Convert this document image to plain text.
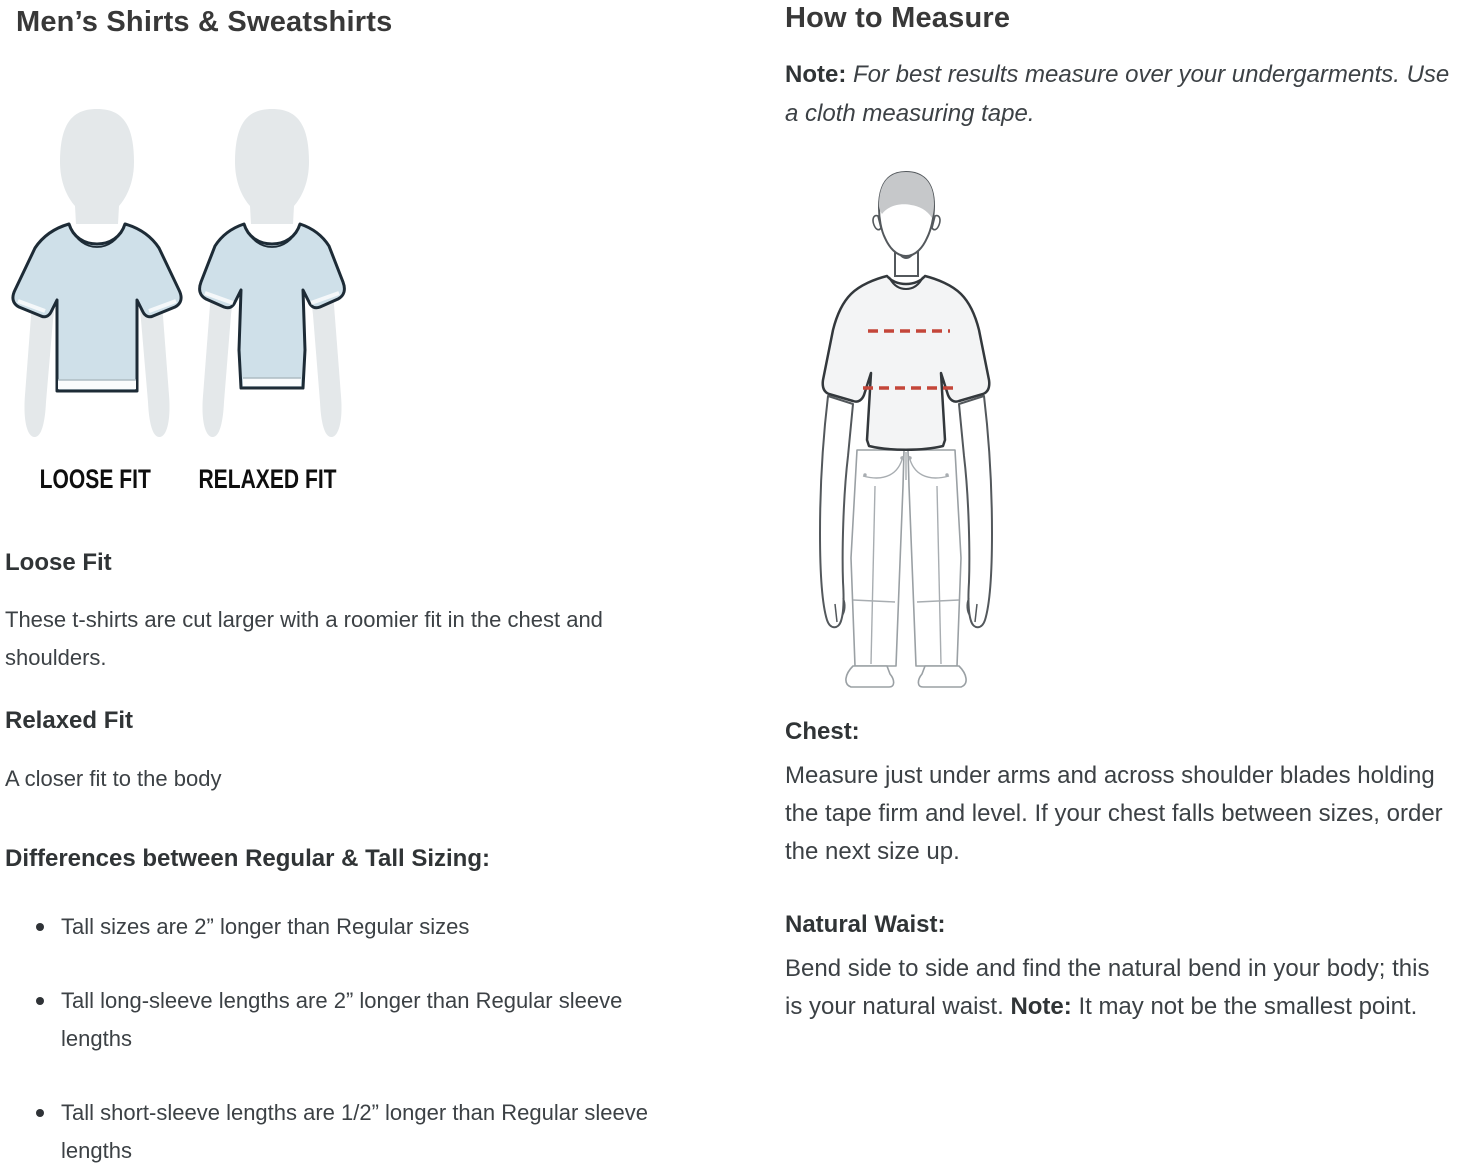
Men’s Shirts & Sweatshirts
LOOSE FIT	RELAXED FIT
Loose Fit
These t-shirts are cut larger with a roomier fit in the chest and
shoulders.
Relaxed Fit
A closer fit to the body
Differences between Regular & Tall Sizing:
Tall sizes are 2” longer than Regular sizes
Tall long-sleeve lengths are 2” longer than Regular sleeve
lengths
Tall short-sleeve lengths are 1/2” longer than Regular sleeve
lengths
How to Measure
Note: For best results measure over your undergarments. Use
a cloth measuring tape.
Chest:
Measure just under arms and across shoulder blades holding
the tape firm and level. If your chest falls between sizes, order
the next size up.
Natural Waist:
Bend side to side and find the natural bend in your body; this
is your natural waist. Note: It may not be the smallest point.
